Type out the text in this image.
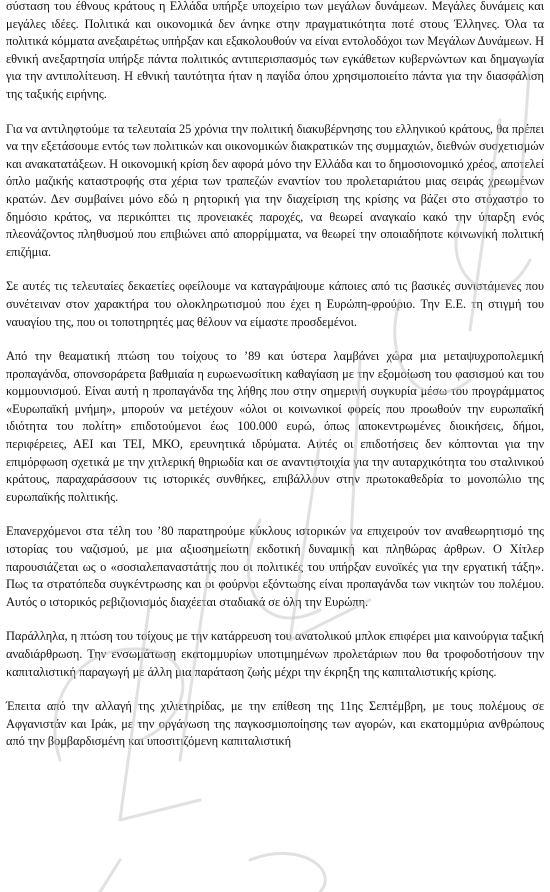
σύσταση του έθνους κράτους η Ελλάδα υπήρξε υποχείριο των μεγάλων δυνάμεων. Μεγάλες δυνάμεις και μεγάλες ιδέες. Πολιτικά και οικονομικά δεν άνηκε στην πραγματικότητα ποτέ στους Έλληνες. Όλα τα πολιτικά κόμματα ανεξαιρέτως υπήρξαν και εξακολουθούν να είναι εντολοδόχοι των Μεγάλων Δυνάμεων. Η εθνική ανεξαρτησία υπήρξε πάντα πολιτικός αντιπερισπασμός των εγκάθετων κυβερνώντων και δημαγωγία για την αντιπολίτευση. Η εθνική ταυτότητα ήταν η παγίδα όπου χρησιμοποιείτο πάντα για την διασφάλιση της ταξικής ειρήνης.

Για να αντιληφτούμε τα τελευταία 25 χρόνια την πολιτική διακυβέρνησης του ελληνικού κράτους, θα πρέπει να την εξετάσουμε εντός των πολιτικών και οικονομικών διακρατικών της συμμαχιών, διεθνών συσχετισμών και ανακατατάξεων. Η οικονομική κρίση δεν αφορά μόνο την Ελλάδα και το δημοσιονομικό χρέος, αποτελεί όπλο μαζικής καταστροφής στα χέρια των τραπεζών εναντίον του προλεταριάτου μιας σειράς χρεωμένων κρατών. Δεν συμβαίνει μόνο εδώ η ρητορική για την διαχείριση της κρίσης να βάζει στο στόχαστρο το δημόσιο κράτος, να περικόπτει τις προνειακές παροχές, να θεωρεί αναγκαίο κακό την ύπαρξη ενός πλεονάζοντος πληθυσμού που επιβιώνει από απορρίμματα, να θεωρεί την οποιαδήποτε κοινωνική πολιτική επιζήμια.

Σε αυτές τις τελευταίες δεκαετίες οφείλουμε να καταγράψουμε κάποιες από τις βασικές συνιστάμενες που συνέτειναν στον χαρακτήρα του ολοκληρωτισμού που έχει η Ευρώπη-φρούριο. Την Ε.Ε. τη στιγμή του ναυαγίου της, που οι τοποτηρητές μας θέλουν να είμαστε προσδεμένοι.

Από την θεαματική πτώση του τοίχους το ’89 και ύστερα λαμβάνει χώρα μια μεταψυχροπολεμική προπαγάνδα, σπονσοράρετα βαθμιαία η ευρωενωσίτικη καθαγίαση με την εξομοίωση του φασισμού και του κομμουνισμού. Είναι αυτή η προπαγάνδα της λήθης που στην σημερινή συγκυρία μέσω του προγράμματος «Ευρωπαϊκή μνήμη», μπορούν να μετέχουν «όλοι οι κοινωνικοί φορείς που προωθούν την ευρωπαϊκή ιδιότητα του πολίτη» επιδοτούμενοι έως 100.000 ευρώ, όπως αποκεντρωμένες διοικήσεις, δήμοι, περιφέρειες, ΑΕΙ και ΤΕΙ, ΜΚΟ, ερευνητικά ιδρύματα. Αυτές οι επιδοτήσεις δεν κόπτονται για την επιμόρφωση σχετικά με την χιτλερική θηριωδία και σε αναντιστοιχία για την αυταρχικότητα του σταλινικού κράτους, παραχαράσσουν τις ιστορικές συνθήκες, επιβάλλουν στην πρωτοκαθεδρία το μονοπώλιο της ευρωπαϊκής πολιτικής.

Επανερχόμενοι στα τέλη του ’80 παρατηρούμε κύκλους ιστορικών να επιχειρούν τον αναθεωρητισμό της ιστορίας του ναζισμού, με μια αξιοσημείωτη εκδοτική δυναμική και πληθώρας άρθρων. Ο Χίτλερ παρουσιάζεται ως ο «σοσιαλεπαναστάτης που οι πολιτικές του υπήρξαν ευνοϊκές για την εργατική τάξη». Πως τα στρατόπεδα συγκέντρωσης και οι φούρνοι εξόντωσης είναι προπαγάνδα των νικητών του πολέμου. Αυτός ο ιστορικός ρεβιζιονισμός διαχέεται σταδιακά σε όλη την Ευρώπη.

Παράλληλα, η πτώση του τοίχους με την κατάρρευση του ανατολικού μπλοκ επιφέρει μια καινούργια ταξική αναδιάρθρωση. Την ενσωμάτωση εκατομμυρίων υποτιμημένων προλετάριων που θα τροφοδοτήσουν την καπιταλιστική παραγωγή με άλλη μια παράταση ζωής μέχρι την έκρηξη της καπιταλιστικής κρίσης.

Έπειτα από την αλλαγή της χιλιετηρίδας, με την επίθεση της 11ης Σεπτέμβρη, με τους πολέμους σε Αφγανιστάν και Ιράκ, με την οργάνωση της παγκοσμιοποίησης των αγορών, και εκατομμύρια ανθρώπους από την βομβαρδισμένη και υποσιτιζόμενη καπιταλιστική
